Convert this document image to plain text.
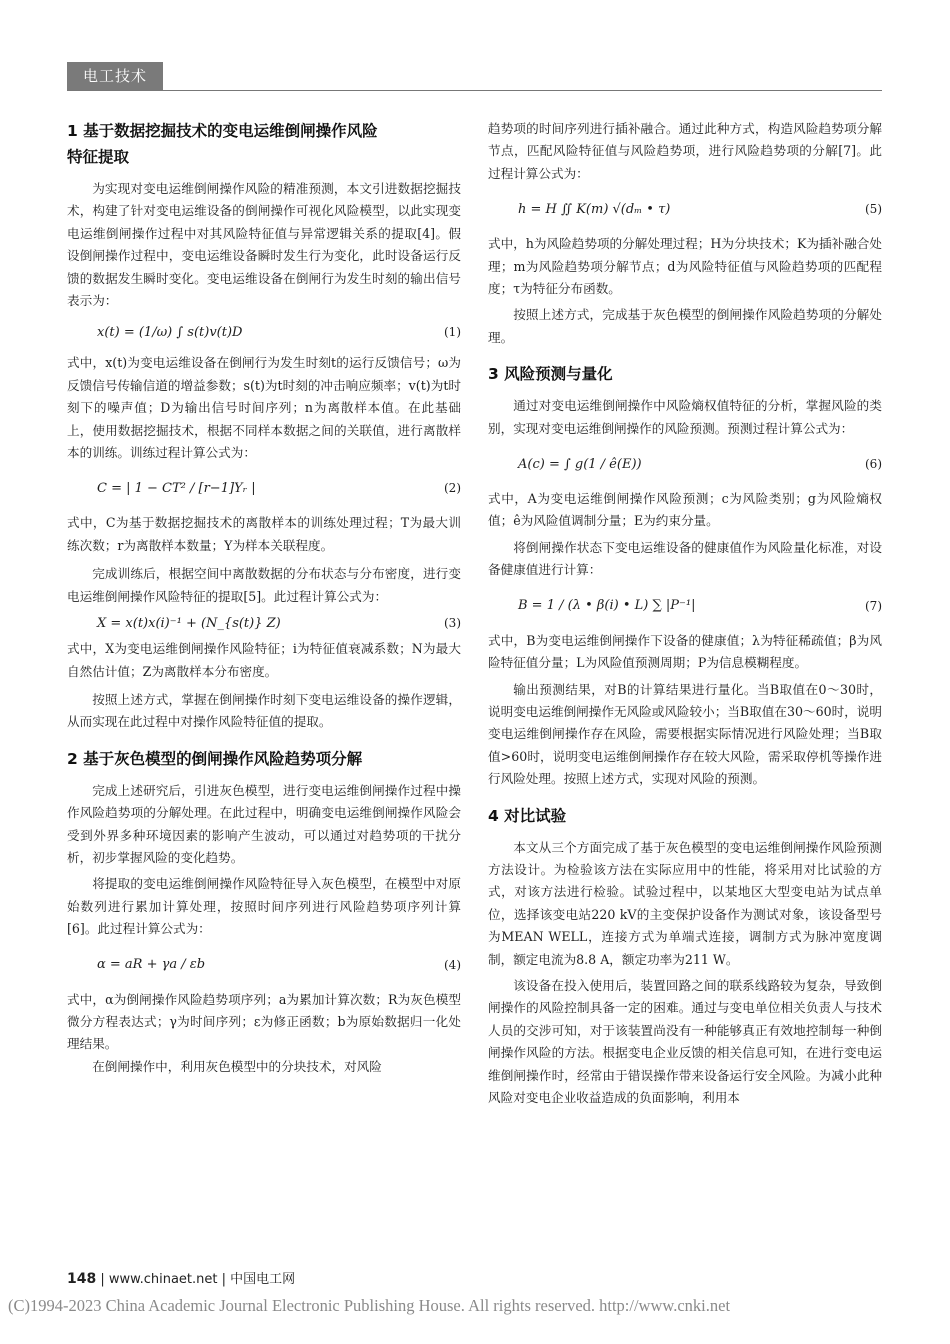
电工技术
1 基于数据挖掘技术的变电运维倒闸操作风险
特征提取

为实现对变电运维倒闸操作风险的精准预测，本文引进数据挖掘技术，构建了针对变电运维设备的倒闸操作可视化风险模型，以此实现变电运维倒闸操作过程中对其风险特征值与异常逻辑关系的提取[4]。假设倒闸操作过程中，变电运维设备瞬时发生行为变化，此时设备运行反馈的数据发生瞬时变化。变电运维设备在倒闸行为发生时刻的输出信号表示为：

x(t) = (1/ω) ∫ s(t)v(t)D	(1)

式中，x(t)为变电运维设备在倒闸行为发生时刻t的运行反馈信号；ω为反馈信号传输信道的增益参数；s(t)为t时刻的冲击响应频率；v(t)为t时刻下的噪声值；D为输出信号时间序列；n为离散样本值。在此基础上，使用数据挖掘技术，根据不同样本数据之间的关联值，进行离散样本的训练。训练过程计算公式为：

C = | 1 − CT² / [r−1]Yᵣ |	(2)

式中，C为基于数据挖掘技术的离散样本的训练处理过程；T为最大训练次数；r为离散样本数量；Y为样本关联程度。

完成训练后，根据空间中离散数据的分布状态与分布密度，进行变电运维倒闸操作风险特征的提取[5]。此过程计算公式为：

X = x(t)x(i)⁻¹ + (N_{s(t)} Z)	(3)

式中，X为变电运维倒闸操作风险特征；i为特征值衰减系数；N为最大自然估计值；Z为离散样本分布密度。

按照上述方式，掌握在倒闸操作时刻下变电运维设备的操作逻辑，从而实现在此过程中对操作风险特征值的提取。

2 基于灰色模型的倒闸操作风险趋势项分解

完成上述研究后，引进灰色模型，进行变电运维倒闸操作过程中操作风险趋势项的分解处理。在此过程中，明确变电运维倒闸操作风险会受到外界多种环境因素的影响产生波动，可以通过对趋势项的干扰分析，初步掌握风险的变化趋势。

将提取的变电运维倒闸操作风险特征导入灰色模型，在模型中对原始数列进行累加计算处理，按照时间序列进行风险趋势项序列计算[6]。此过程计算公式为：

α = aR + γa / εb	(4)

式中，α为倒闸操作风险趋势项序列；a为累加计算次数；R为灰色模型微分方程表达式；γ为时间序列；ε为修正函数；b为原始数据归一化处理结果。

在倒闸操作中，利用灰色模型中的分块技术，对风险

趋势项的时间序列进行插补融合。通过此种方式，构造风险趋势项分解节点，匹配风险特征值与风险趋势项，进行风险趋势项的分解[7]。此过程计算公式为：

h = H ∬ K(m) √(dₘ • τ)	(5)

式中，h为风险趋势项的分解处理过程；H为分块技术；K为插补融合处理；m为风险趋势项分解节点；d为风险特征值与风险趋势项的匹配程度；τ为特征分布函数。

按照上述方式，完成基于灰色模型的倒闸操作风险趋势项的分解处理。

3 风险预测与量化

通过对变电运维倒闸操作中风险熵权值特征的分析，掌握风险的类别，实现对变电运维倒闸操作的风险预测。预测过程计算公式为：

A(c) = ∫ g(1 / ê(E))	(6)

式中，A为变电运维倒闸操作风险预测；c为风险类别；g为风险熵权值；ê为风险值调制分量；E为约束分量。

将倒闸操作状态下变电运维设备的健康值作为风险量化标准，对设备健康值进行计算：

B = 1 / (λ • β(i) • L) ∑ |P⁻¹|	(7)

式中，B为变电运维倒闸操作下设备的健康值；λ为特征稀疏值；β为风险特征值分量；L为风险值预测周期；P为信息模糊程度。

输出预测结果，对B的计算结果进行量化。当B取值在0～30时，说明变电运维倒闸操作无风险或风险较小；当B取值在30～60时，说明变电运维倒闸操作存在风险，需要根据实际情况进行风险处理；当B取值>60时，说明变电运维倒闸操作存在较大风险，需采取停机等操作进行风险处理。按照上述方式，实现对风险的预测。

4 对比试验

本文从三个方面完成了基于灰色模型的变电运维倒闸操作风险预测方法设计。为检验该方法在实际应用中的性能，将采用对比试验的方式，对该方法进行检验。试验过程中，以某地区大型变电站为试点单位，选择该变电站220 kV的主变保护设备作为测试对象，该设备型号为MEAN WELL，连接方式为单端式连接，调制方式为脉冲宽度调制，额定电流为8.8 A，额定功率为211 W。

该设备在投入使用后，装置回路之间的联系线路较为复杂，导致倒闸操作的风险控制具备一定的困难。通过与变电单位相关负责人与技术人员的交涉可知，对于该装置尚没有一种能够真正有效地控制每一种倒闸操作风险的方法。根据变电企业反馈的相关信息可知，在进行变电运维倒闸操作时，经常由于错误操作带来设备运行安全风险。为减小此种风险对变电企业收益造成的负面影响，利用本

148 | www.chinaet.net | 中国电工网
(C)1994-2023 China Academic Journal Electronic Publishing House. All rights reserved. http://www.cnki.net
